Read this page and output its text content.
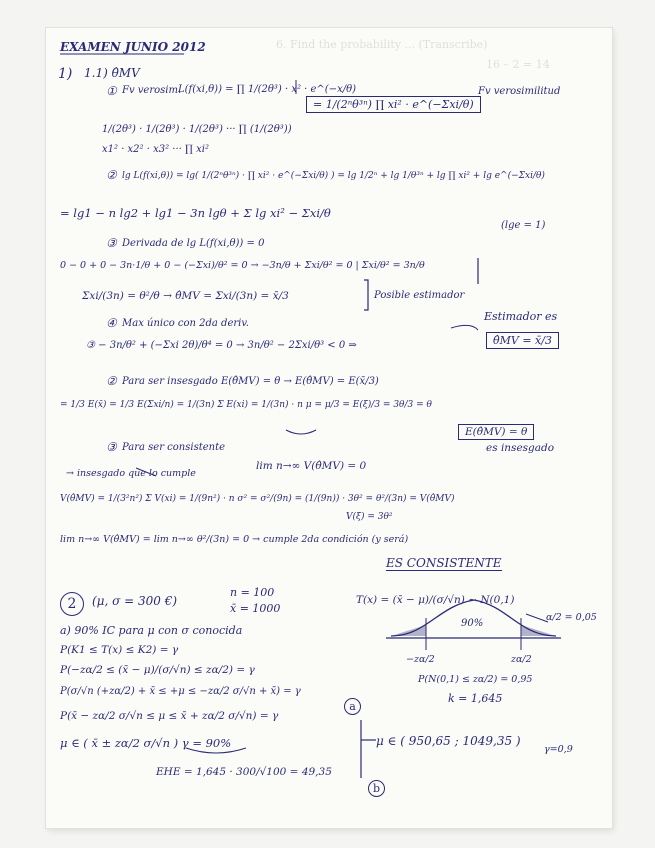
6. Find the probability ... (Transcribe)
16 – 2 = 14
EXAMEN JUNIO 2012
1) 1.1) θ̂MV
① Fv verosim.
L(f(xi,θ)) = ∏ 1/(2θ³) · x² · e^(−x/θ)
= 1/(2ⁿθ³ⁿ) ∏ xi² · e^(−Σxi/θ)
Fv verosimilitud
1/(2θ³) · 1/(2θ³) · 1/(2θ³) ··· ∏ (1/(2θ³))
x1² · x2² · x3² ··· ∏ xi²
② lg L(f(xi,θ)) = lg( 1/(2ⁿθ³ⁿ) · ∏ xi² · e^(−Σxi/θ) ) = lg 1/2ⁿ + lg 1/θ³ⁿ + lg ∏ xi² + lg e^(−Σxi/θ)
= lg1 − n lg2 + lg1 − 3n lgθ + Σ lg xi² − Σxi/θ
(lge = 1)
③ Derivada de lg L(f(xi,θ)) = 0
0 − 0 + 0 − 3n·1/θ + 0 − (−Σxi)/θ² = 0 → −3n/θ + Σxi/θ² = 0 | Σxi/θ² = 3n/θ
Σxi/(3n) = θ²/θ → θ̂MV = Σxi/(3n) = x̄/3	Posible estimador
Estimador es
θ̂MV = x̄/3
④ Max único con 2da deriv.
③ − 3n/θ² + (−Σxi 2θ)/θ⁴ = 0 → 3n/θ² − 2Σxi/θ³ < 0 ⇒
② Para ser insesgado E(θ̂MV) = θ → E(θ̂MV) = E(x̄/3)
= 1/3 E(x̄) = 1/3 E(Σxi/n) = 1/(3n) Σ E(xi) = 1/(3n) · n μ = μ/3 = E(ξ)/3 = 3θ/3 = θ
E(θ̂MV) = θ
es insesgado
③ Para ser consistente
lim n→∞ V(θ̂MV) = 0
→ insesgado que lo cumple
V(θ̂MV) = 1/(3²n²) Σ V(xi) = 1/(9n²) · n σ² = σ²/(9n) = (1/(9n)) · 3θ² = θ²/(3n) = V(θ̂MV)
V(ξ) = 3θ²
lim n→∞ V(θ̂MV) = lim n→∞ θ²/(3n) = 0 → cumple 2da condición (y será)
ES CONSISTENTE
2	(μ, σ = 300 €)
n = 100
x̄ = 1000
T(x) = (x̄ − μ)/(σ/√n) ∼ N(0,1)
a) 90% IC para μ con σ conocida
α/2 = 0,05
90%
−zα/2	zα/2
P(N(0,1) ≤ zα/2) = 0,95
k = 1,645
P(K1 ≤ T(x) ≤ K2) = γ
P(−zα/2 ≤ (x̄ − μ)/(σ/√n) ≤ zα/2) = γ
P(σ/√n (+zα/2) + x̄ ≤ +μ ≤ −zα/2 σ/√n + x̄) = γ
P(x̄ − zα/2 σ/√n ≤ μ ≤ x̄ + zα/2 σ/√n) = γ
a
μ ∈ ( x̄ ± zα/2 σ/√n ) γ = 90%	μ ∈ ( 950,65 ; 1049,35 )
γ=0,9
EHE = 1,645 · 300/√100 = 49,35
b
